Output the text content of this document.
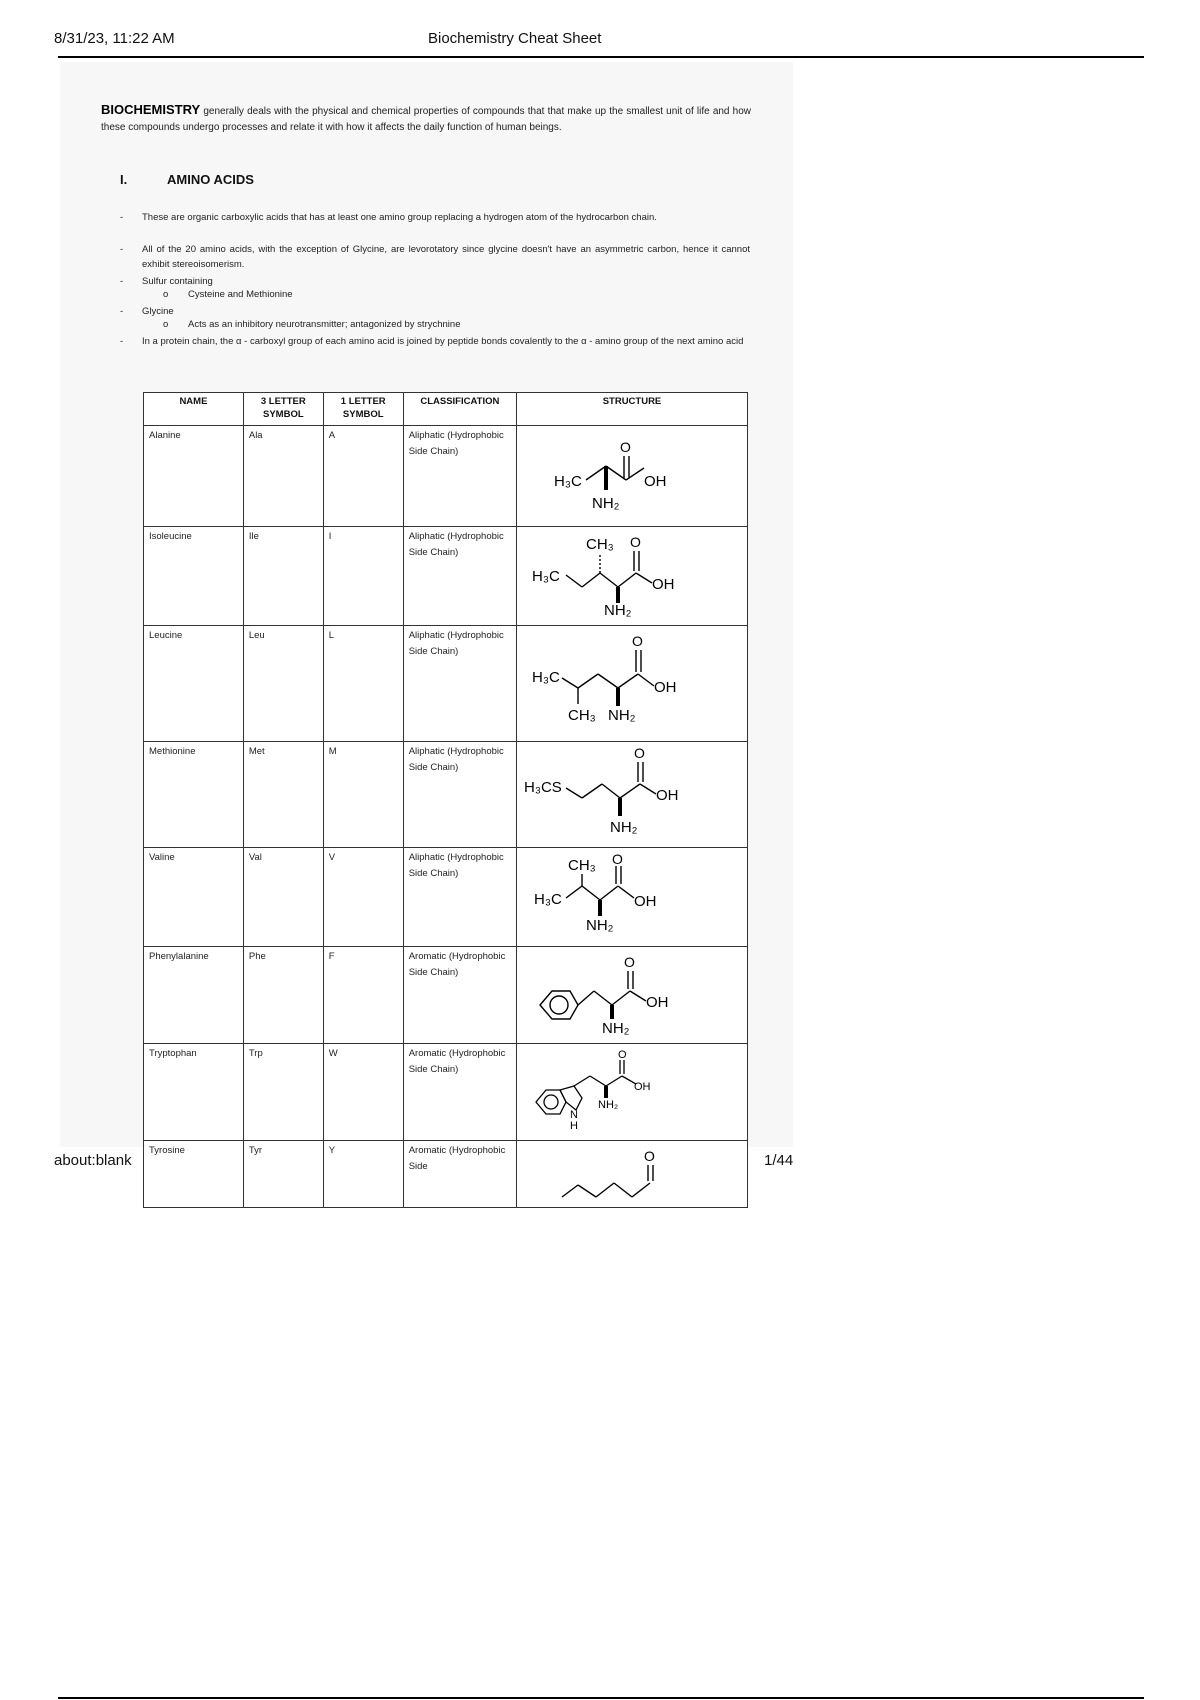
8/31/23, 11:22 AM	Biochemistry Cheat Sheet
BIOCHEMISTRY generally deals with the physical and chemical properties of compounds that that make up the smallest unit of life and how these compounds undergo processes and relate it with how it affects the daily function of human beings.
I.	AMINO ACIDS
- These are organic carboxylic acids that has at least one amino group replacing a hydrogen atom of the hydrocarbon chain.
- All of the 20 amino acids, with the exception of Glycine, are levorotatory since glycine doesn't have an asymmetric carbon, hence it cannot exhibit stereoisomerism.
- Sulfur containing
o Cysteine and Methionine
- Glycine
o Acts as an inhibitory neurotransmitter; antagonized by strychnine
- In a protein chain, the α - carboxyl group of each amino acid is joined by peptide bonds covalently to the α - amino group of the next amino acid
NAME	3 LETTER SYMBOL	1 LETTER SYMBOL	CLASSIFICATION	STRUCTURE
Alanine	Ala	A	Aliphatic (Hydrophobic Side Chain)	H₃C
O
OH
NH₂

Isoleucine	Ile	I	Aliphatic (Hydrophobic Side Chain)	H₃C
CH₃ O
OH
NH₂

Leucine	Leu	L	Aliphatic (Hydrophobic Side Chain)	H₃C
O
OH
CH₃ NH₂

Methionine	Met	M	Aliphatic (Hydrophobic Side Chain)	H₃CS
O
OH
NH₂

Valine	Val	V	Aliphatic (Hydrophobic Side Chain)	H₃C
CH₃ O
OH
NH₂

Phenylalanine	Phe	F	Aromatic (Hydrophobic Side Chain)	O
OH
NH₂

Tryptophan	Trp	W	Aromatic (Hydrophobic Side Chain)	O
OH
NH₂
N
H

Tyrosine	Tyr	Y	Aromatic (Hydrophobic Side	O
about:blank	1/44
